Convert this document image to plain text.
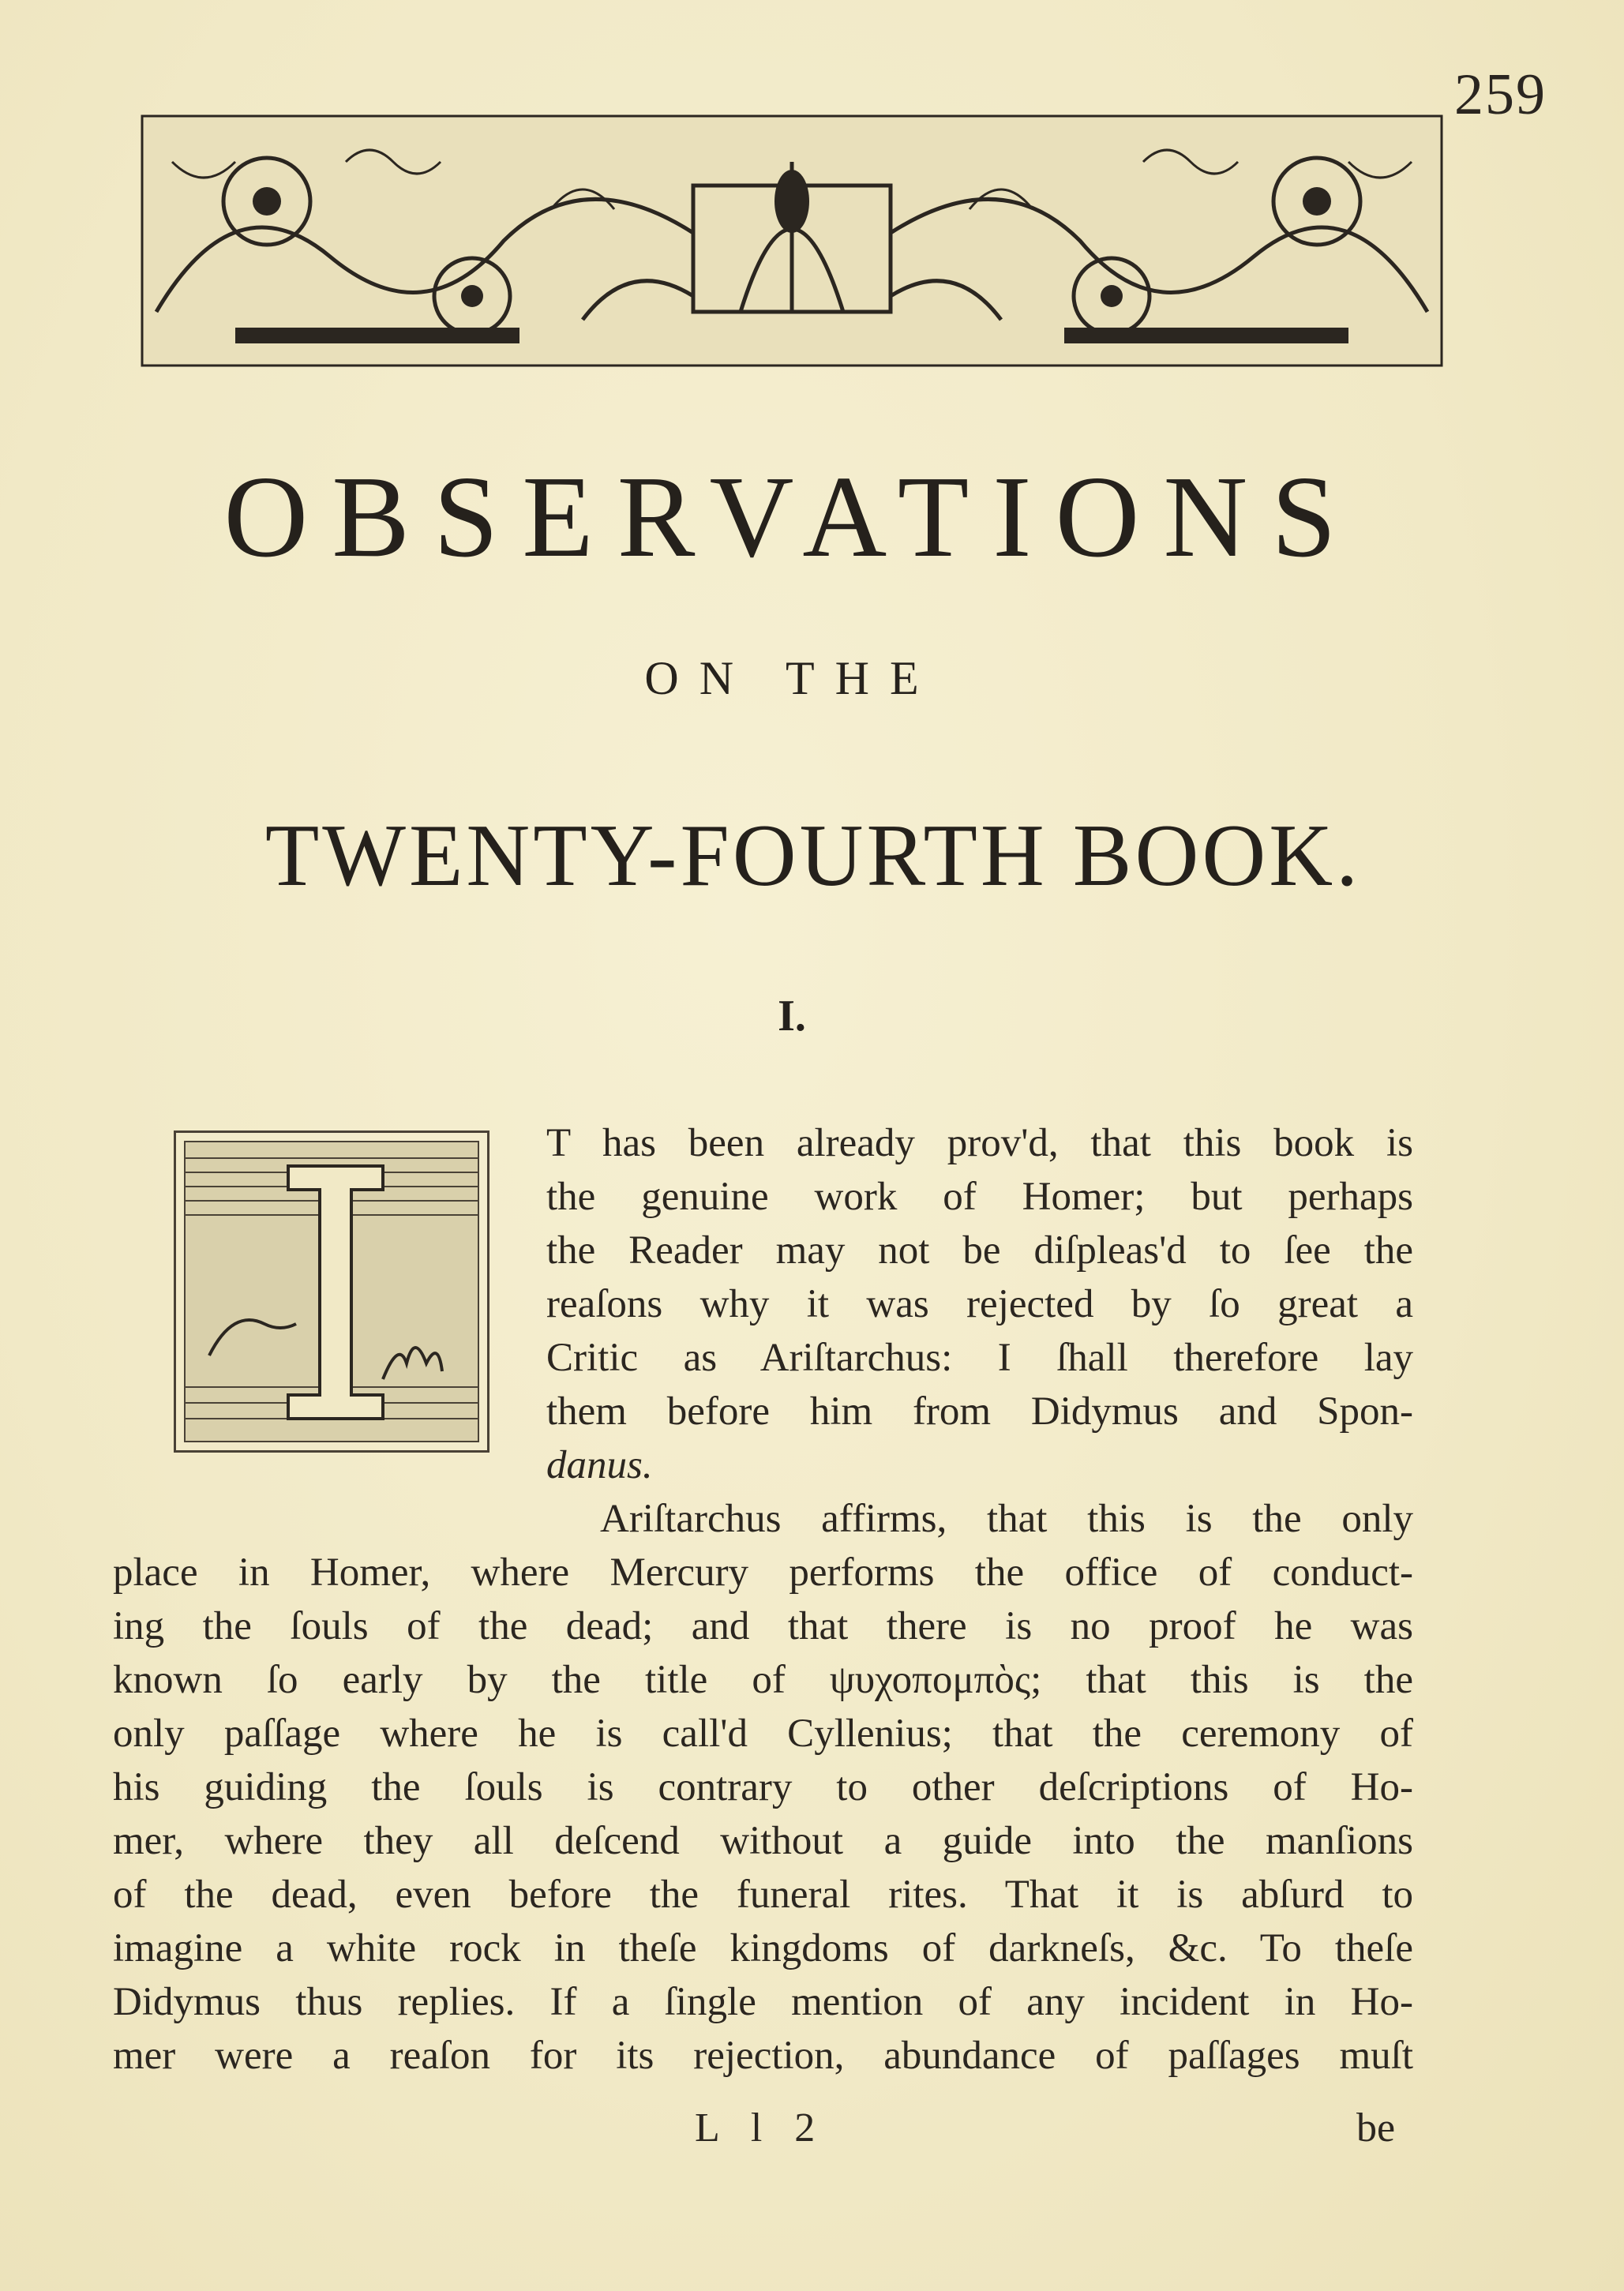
259
OBSERVATIONS
ON THE
TWENTY-FOURTH BOOK.
I.
T has been already prov'd, that this book is
the genuine work of Homer; but perhaps
the Reader may not be diſpleas'd to ſee the
reaſons why it was rejected by ſo great a
Critic as Ariſtarchus: I ſhall therefore lay
them before him from Didymus and Spon-
danus.
Ariſtarchus affirms, that this is the only
place in Homer, where Mercury performs the office of conduct-
ing the ſouls of the dead; and that there is no proof he was
known ſo early by the title of ψυχοπομπὸς; that this is the
only paſſage where he is call'd Cyllenius; that the ceremony of
his guiding the ſouls is contrary to other deſcriptions of Ho-
mer, where they all deſcend without a guide into the manſions
of the dead, even before the funeral rites. That it is abſurd to
imagine a white rock in theſe kingdoms of darkneſs, &c. To theſe
Didymus thus replies. If a ſingle mention of any incident in Ho-
mer were a reaſon for its rejection, abundance of paſſages muſt
L l 2	be
